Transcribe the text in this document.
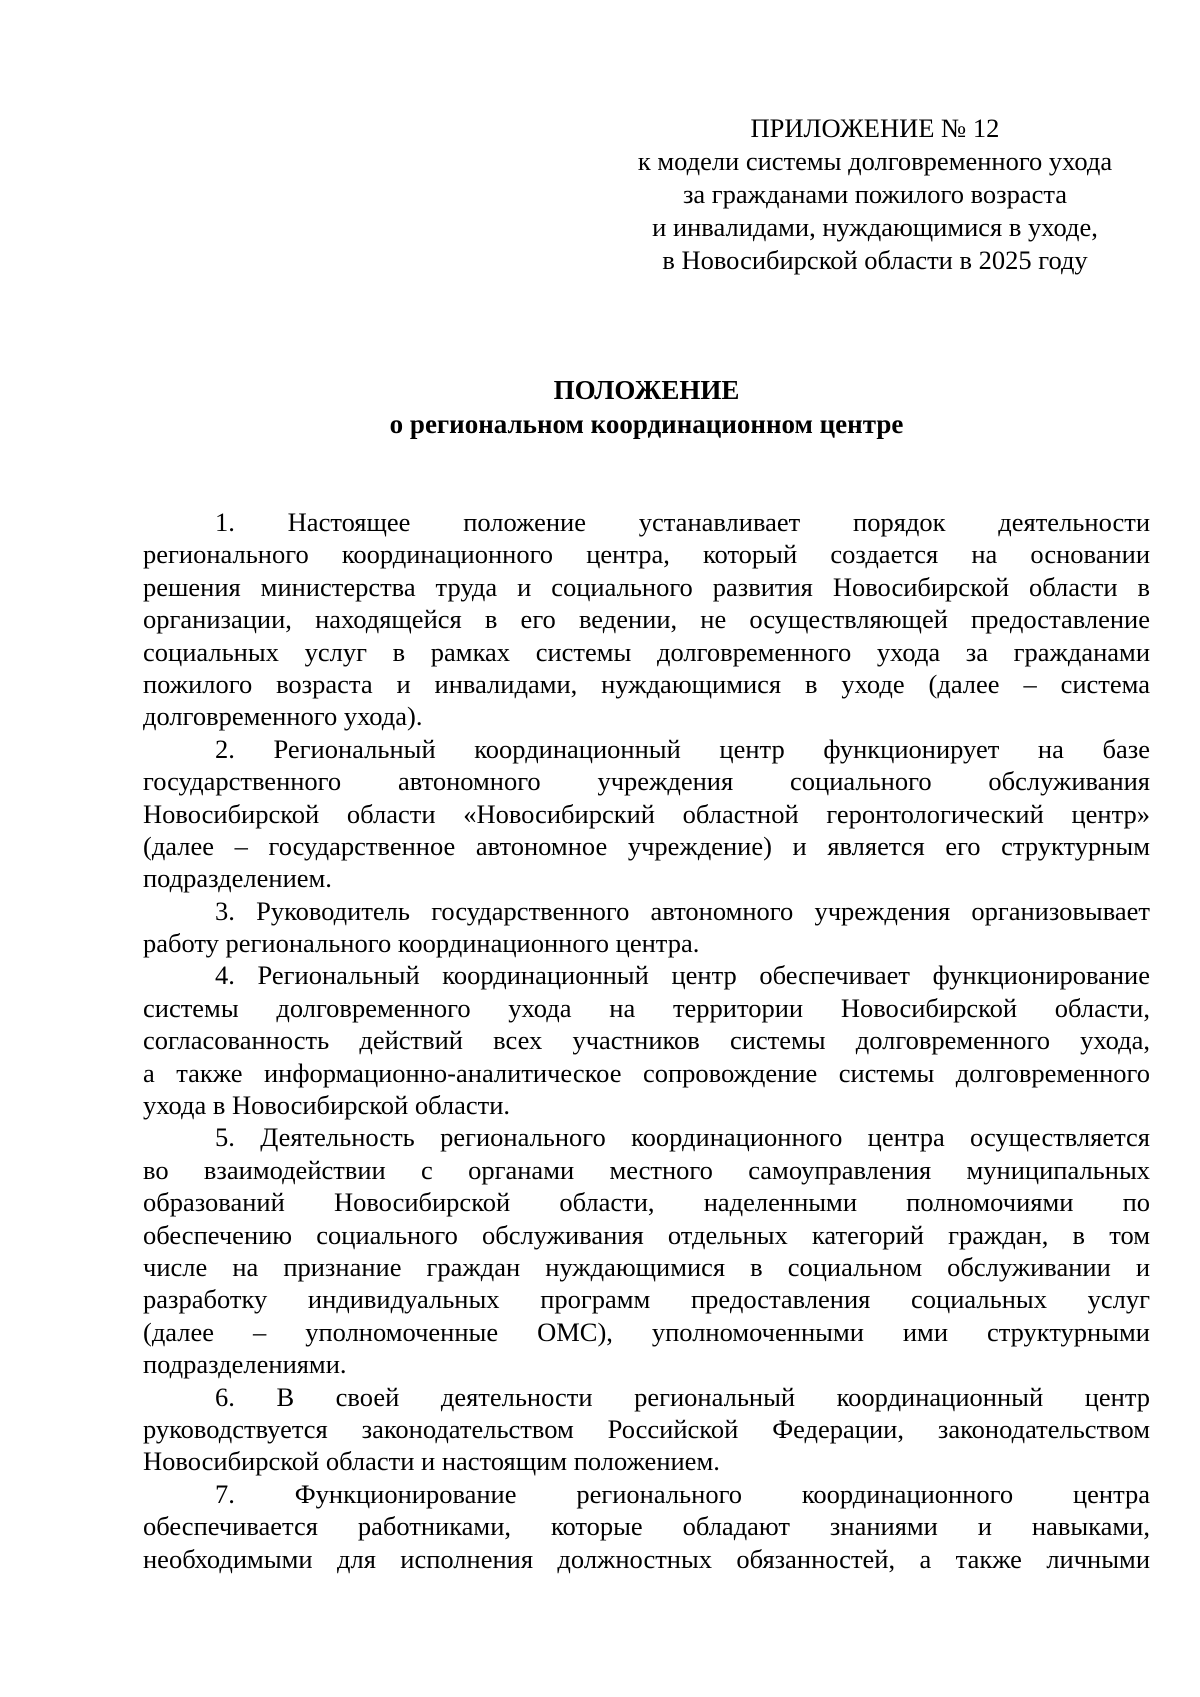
ПРИЛОЖЕНИЕ № 12
к модели системы долговременного ухода
за гражданами пожилого возраста
и инвалидами, нуждающимися в уходе,
в Новосибирской области в 2025 году
ПОЛОЖЕНИЕ
о региональном координационном центре
1. Настоящее положение устанавливает порядок деятельности
регионального координационного центра, который создается на основании
решения министерства труда и социального развития Новосибирской области в
организации, находящейся в его ведении, не осуществляющей предоставление
социальных услуг в рамках системы долговременного ухода за гражданами
пожилого возраста и инвалидами, нуждающимися в уходе (далее – система
долговременного ухода).
2. Региональный координационный центр функционирует на базе
государственного автономного учреждения социального обслуживания
Новосибирской области «Новосибирский областной геронтологический центр»
(далее – государственное автономное учреждение) и является его структурным
подразделением.
3. Руководитель государственного автономного учреждения организовывает
работу регионального координационного центра.
4. Региональный координационный центр обеспечивает функционирование
системы долговременного ухода на территории Новосибирской области,
согласованность действий всех участников системы долговременного ухода,
а также информационно-аналитическое сопровождение системы долговременного
ухода в Новосибирской области.
5. Деятельность регионального координационного центра осуществляется
во взаимодействии с органами местного самоуправления муниципальных
образований Новосибирской области, наделенными полномочиями по
обеспечению социального обслуживания отдельных категорий граждан, в том
числе на признание граждан нуждающимися в социальном обслуживании и
разработку индивидуальных программ предоставления социальных услуг
(далее – уполномоченные ОМС), уполномоченными ими структурными
подразделениями.
6. В своей деятельности региональный координационный центр
руководствуется законодательством Российской Федерации, законодательством
Новосибирской области и настоящим положением.
7. Функционирование регионального координационного центра
обеспечивается работниками, которые обладают знаниями и навыками,
необходимыми для исполнения должностных обязанностей, а также личными
